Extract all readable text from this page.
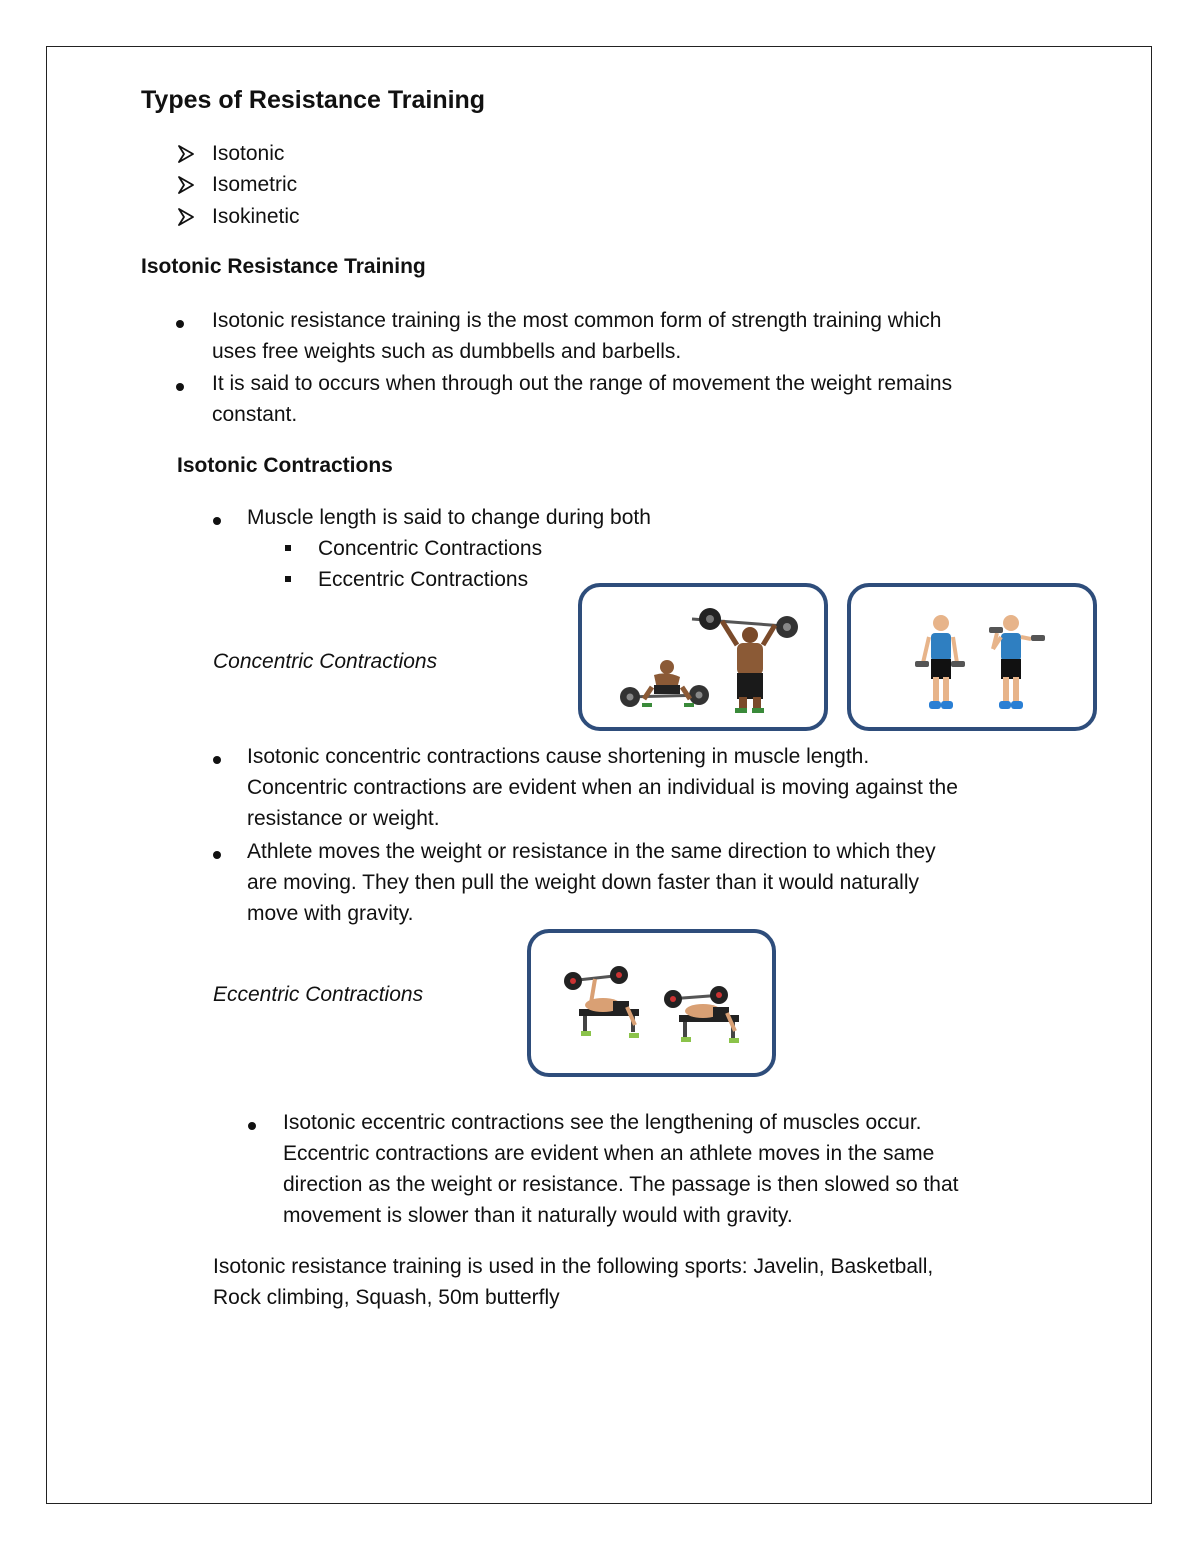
Types of Resistance Training
Isotonic
Isometric
Isokinetic
Isotonic Resistance Training
Isotonic resistance training is the most common form of strength training which
uses free weights such as dumbbells and barbells.
It is said to occurs when through out the range of movement the weight remains
constant.
Isotonic Contractions
Muscle length is said to change during both
Concentric Contractions
Eccentric Contractions
Concentric Contractions
Isotonic concentric contractions cause shortening in muscle length.
Concentric contractions are evident when an individual is moving against the
resistance or weight.
Athlete moves the weight or resistance in the same direction to which they
are moving. They then pull the weight down faster than it would naturally
move with gravity.
Eccentric Contractions
Isotonic eccentric contractions see the lengthening of muscles occur.
Eccentric contractions are evident when an athlete moves in the same
direction as the weight or resistance. The passage is then slowed so that
movement is slower than it naturally would with gravity.
Isotonic resistance training is used in the following sports: Javelin, Basketball,
Rock climbing, Squash, 50m butterfly
